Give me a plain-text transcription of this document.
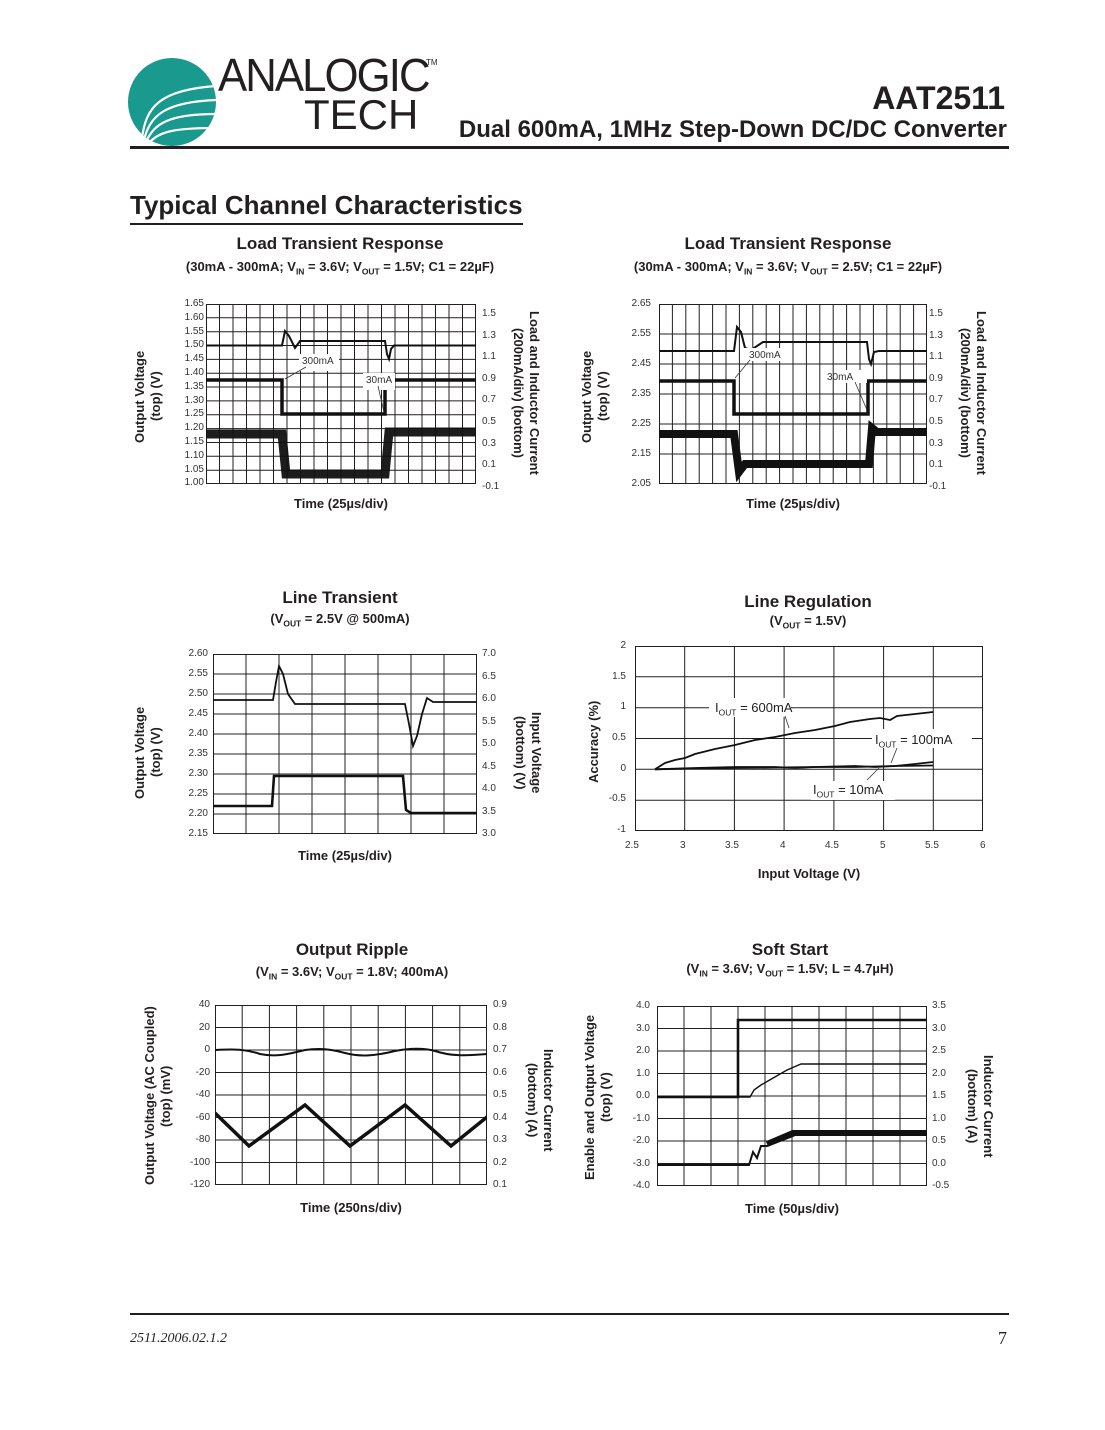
ANALOGIC
TM
TECH	AAT2511
Dual 600mA, 1MHz Step-Down DC/DC Converter
Typical Channel Characteristics
Load Transient Response
(30mA - 300mA; $V_{IN} = 3.6V$; $V_{OUT} = 1.5V$; C1 = 22µF)
Output Voltage
(top) (V)
1.65
1.60
1.55
1.50
1.45
1.40
1.35
1.30
1.25
1.20
1.15
1.10
1.05
1.00
300mA
30mA
1.5
1.3
1.1
0.9
0.7
0.5
0.3
0.1
-0.1
Load and Inductor Current
(200mA/div) (bottom)
Time (25µs/div)
Load Transient Response
(30mA - 300mA; $V_{IN} = 3.6V$; $V_{OUT} = 2.5V$; C1 = 22µF)
Output Voltage
(top) (V)
2.65
2.55
2.45
2.35
2.25
2.15
2.05
300mA
30mA
1.5
1.3
1.1
0.9
0.7
0.5
0.3
0.1
-0.1
Load and Inductor Current
(200mA/div) (bottom)
Time (25µs/div)
Line Transient
($V_{OUT} = 2.5V$ @ 500mA)
Output Voltage
(top) (V)
2.60
2.55
2.50
2.45
2.40
2.35
2.30
2.25
2.20
2.15
7.0
6.5
6.0
5.5
5.0
4.5
4.0
3.5
3.0
Input Voltage
(bottom) (V)
Time (25µs/div)
Line Regulation
$(V_{OUT} = 1.5V)$
Accuracy (%)
2
1.5
1
0.5
0
-0.5
-1
$I_{OUT} = 600mA$
$I_{OUT} = 100mA$
$I_{OUT} = 10mA$
2.5	3	3.5	4	4.5	5	5.5	6
Input Voltage (V)
Output Ripple
($V_{IN} = 3.6V$; $V_{OUT} = 1.8V$; 400mA)
Output Voltage (AC Coupled)
(top) (mV)
40
20
0
-20
-40
-60
-80
-100
-120
0.9
0.8
0.7
0.6
0.5
0.4
0.3
0.2
0.1
Inductor Current
(bottom) (A)
Time (250ns/div)
Soft Start
($V_{IN} = 3.6V$; $V_{OUT} = 1.5V$; L = 4.7µH)
Enable and Output Voltage
(top) (V)
4.0
3.0
2.0
1.0
0.0
-1.0
-2.0
-3.0
-4.0
3.5
3.0
2.5
2.0
1.5
1.0
0.5
0.0
-0.5
Inductor Current
(bottom) (A)
Time (50µs/div)
2511.2006.02.1.2	7
